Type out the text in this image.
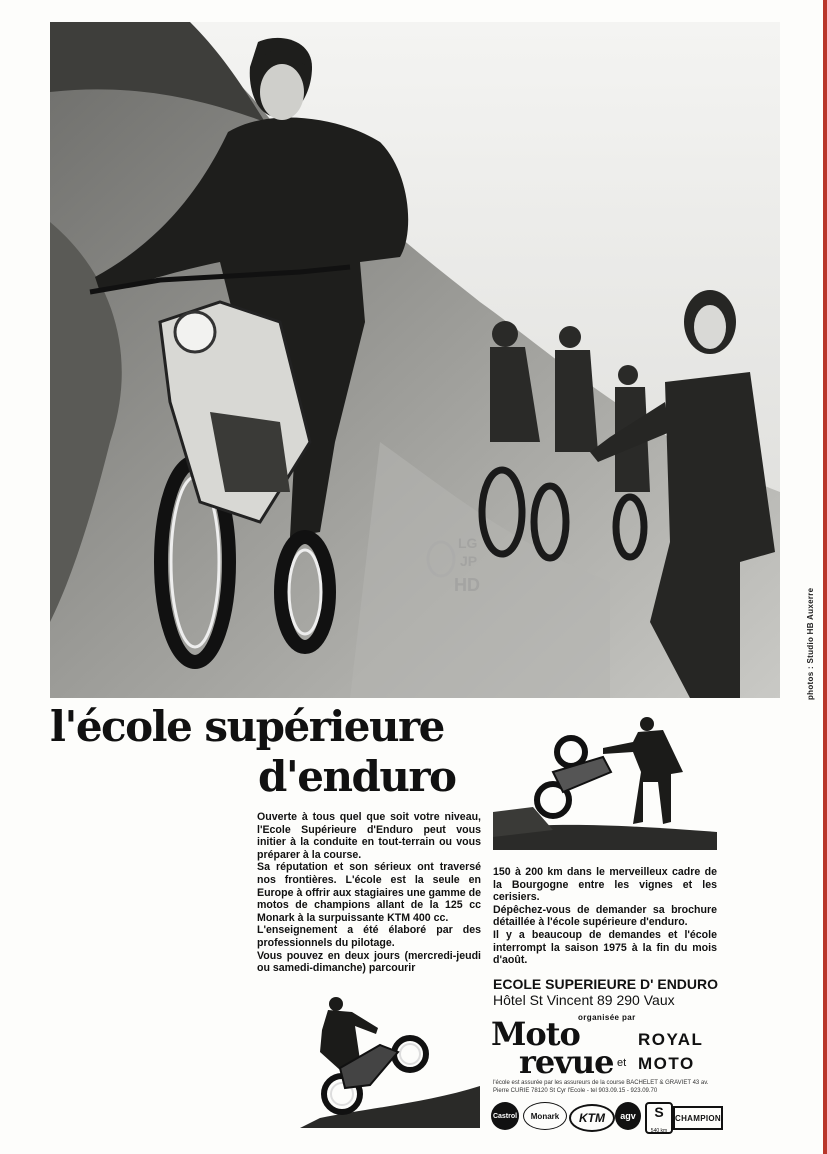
photos : Studio HB Auxerre
LG
JP
HD
l'école supérieure
d'enduro

Ouverte à tous quel que soit votre niveau, l'Ecole Supérieure d'Enduro peut vous initier à la conduite en tout-terrain ou vous préparer à la course.

Sa réputation et son sérieux ont traversé nos frontières. L'école est la seule en Europe à offrir aux stagiaires une gamme de motos de champions allant de la 125 cc Monark à la surpuissante KTM 400 cc.

L'enseignement a été élaboré par des professionnels du pilotage.

Vous pouvez en deux jours (mercredi-jeudi ou samedi-dimanche) parcourir

150 à 200 km dans le merveilleux cadre de la Bourgogne entre les vignes et les cerisiers.

Dépêchez-vous de demander sa brochure détaillée à l'école supérieure d'enduro.

Il y a beaucoup de demandes et l'école interrompt la saison 1975 à la fin du mois d'août.

ECOLE SUPERIEURE D' ENDURO
Hôtel St Vincent 89 290 Vaux
organisée par
Moto
revue et
ROYAL
MOTO
l'école est assurée par les assureurs de la course BACHELET & GRAVIET 43 av. Pierre CURIE 78120 St Cyr l'Ecole - tel 903.09.15 - 923.09.70
Castrol	Monark	KTM	agv	S
540 km
CHAMPION
